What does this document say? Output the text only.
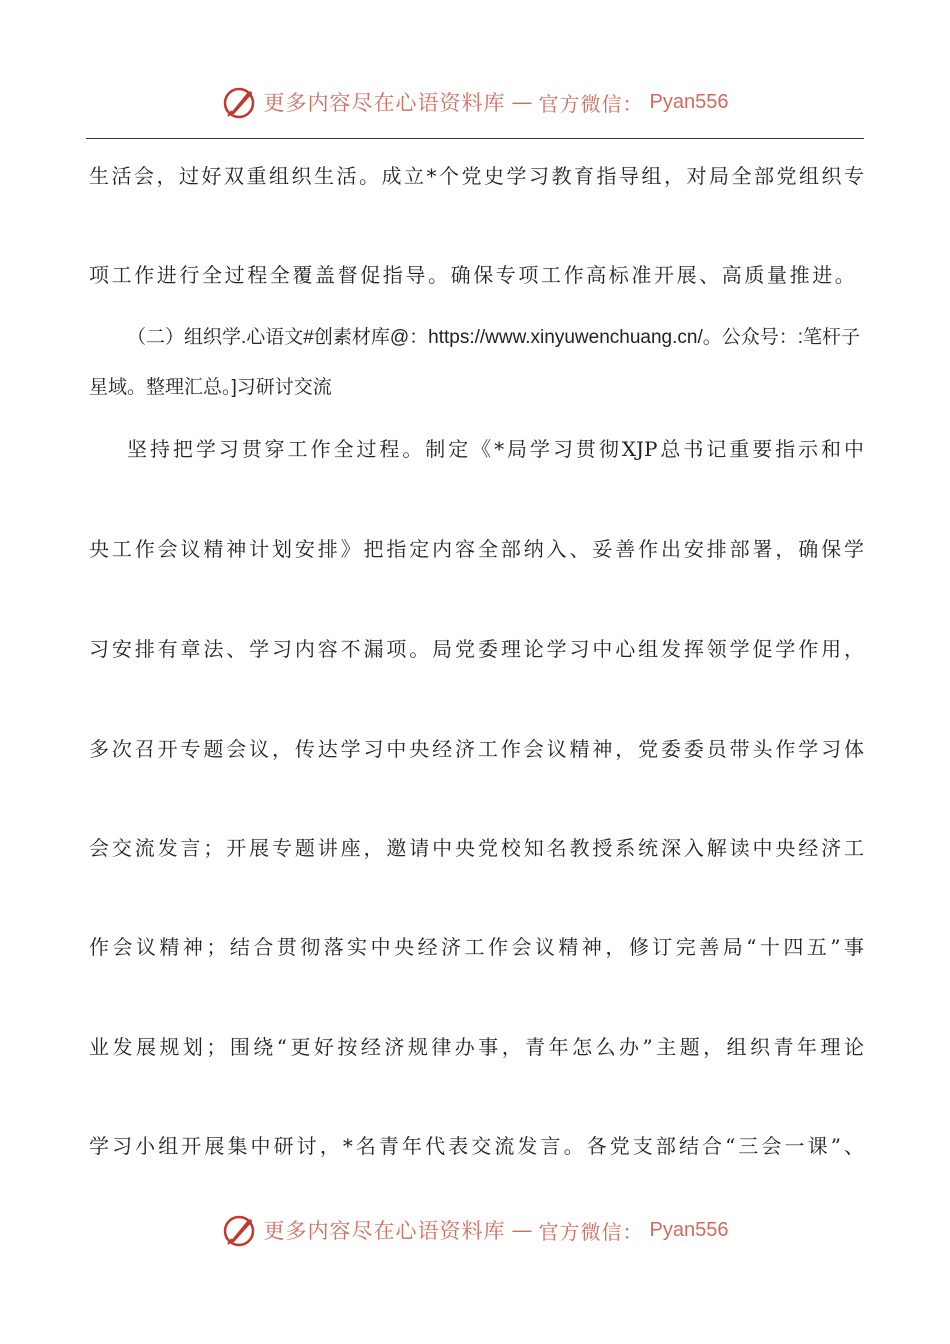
更多内容尽在心语资料库 — 官方微信： Pyan556
生活会，过好双重组织生活。成立*个党史学习教育指导组，对局全部党组织专
项工作进行全过程全覆盖督促指导。确保专项工作高标准开展、高质量推进。
（二）组织学.心语文#创素材库@：https://www.xinyuwenchuang.cn/。公众号：:笔杆子
星域。整理汇总。]习研讨交流
坚持把学习贯穿工作全过程。制定《*局学习贯彻XJP总书记重要指示和中
央工作会议精神计划安排》把指定内容全部纳入、妥善作出安排部署，确保学
习安排有章法、学习内容不漏项。局党委理论学习中心组发挥领学促学作用，
多次召开专题会议，传达学习中央经济工作会议精神，党委委员带头作学习体
会交流发言；开展专题讲座，邀请中央党校知名教授系统深入解读中央经济工
作会议精神；结合贯彻落实中央经济工作会议精神，修订完善局“十四五”事
业发展规划；围绕“更好按经济规律办事，青年怎么办”主题，组织青年理论
学习小组开展集中研讨，*名青年代表交流发言。各党支部结合“三会一课”、
更多内容尽在心语资料库 — 官方微信： Pyan556
